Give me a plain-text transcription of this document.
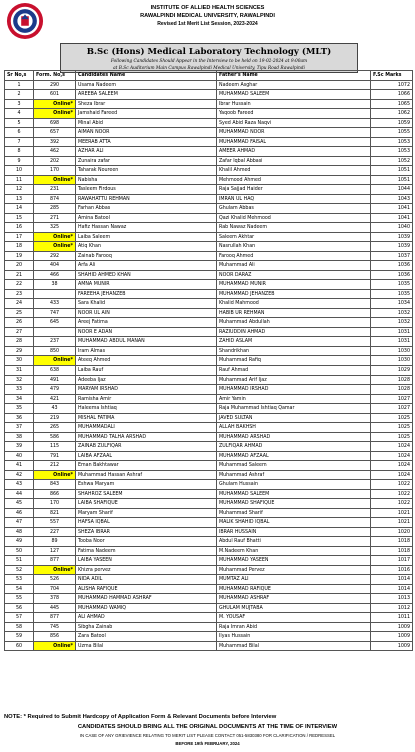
INSTITUTE OF ALLIED HEALTH SCIENCES
RAWALPINDI MEDICAL UNIVERSITY, RAWALPINDI
Revised 1st Merit List Session, 2023-2024
B.Sc (Hons) Medical Laboratory Technology (MLT)
Following Candidates Should Appear in the Interview to be held on 19-02-2024 at 9:00am
at B.Sc Auditorium Main Campus Rawalpindi Medical University, Tipu Road Rawalpindi
Sr No,s	Form. No,s	Candidates Name	Father's Name	F.Sc Marks
1	290	Usama Nadeem	Nadeem Asghar	1072
2	601	AREEBA SALEEM	MUHAMMAD SALEEM	1066
3	Online*	Sheza Ibrar	Ibrar Hussain	1065
4	Online*	Jamshaid Fareed	Yaqoob Fareed	1062
5	698	Minal Abid	Syed Abid Raza Naqvi	1059
6	657	AIMAN NOOR	MUHAMMAD NOOR	1055
7	392	MEERAB ATTA	MUHAMMAD FAISAL	1053
8	462	AZHAR ALI	AMEER AHMAD	1053
9	202	Zunaira zafar	Zafar Iqbal Abbasi	1052
10	170	Taharak Noureen	Khalil Ahmed	1051
11	Online*	Nabisha	Mehmood Ahmed	1051
12	231	Tasleem Firdous	Raja Sajjad Haider	1044
13	874	RAWAHATTU REHMAN	IMRAN UL HAQ	1043
14	285	Farhan Abbas	Ghulam Abbas	1041
15	271	Amina Batool	Qazi Khalid Mehmood	1041
16	325	Hafiz Hassan Nawaz	Rab Nawaz Nadeem	1040
17	Online*	Laiba Saleem	Saleem Akhtar	1039
18	Online*	Atiq Khan	Nasrullah Khan	1039
19	292	Zainab Farooq	Farooq Ahmed	1037
20	404	Arfa Ali	Muhammad Ali	1036
21	466	SHAHID AHMED KHAN	NOOR DARAZ	1036
22	38	AMNA MUNIR	MUHAMMAD MUNIR	1035
23		FAREEHA JEHANZEB	MUHAMMAD JEHANZEB	1035
24	433	Sara Khalid	Khalid Mahmood	1034
25	747	NOOR UL AIN	HABIB UR REHMAN	1032
26	645	Areej Fatima	Muhammad Abdullah	1032
27		NOOR E ADAN	RAZIUDDIN AHMAD	1031
28	237	MUHAMMAD ABDUL MANAN	ZAHID ASLAM	1031
29	850	Iram Almas	Shandrikhan	1030
30	Online*	Ateeq Ahmed	Muhammad Rafiq	1030
31	638	Laiba Rauf	Rauf Ahmad	1029
32	491	Adeeba Ijaz	Muhammad Arif Ijaz	1028
33	479	MARYAM IRSHAD	MUHAMMAD IRSHAD	1028
34	421	Ramisha Amir	Amir Yamin	1027
35	43	Haleema Ishtiaq	Raja Muhammad Ishtiaq Qamar	1027
36	219	MISHAL FATIMA	JAVED SULTAN	1025
37	265	MUHAMMADALI	ALLAH BAKHSH	1025
38	586	MUHAMMAD TALHA ARSHAD	MUHAMMAD ARSHAD	1025
39	115	ZAINAB ZULFIQAR	ZULFIQAR AHMAD	1024
40	791	LAIBA AFZAAL	MUHAMMAD AFZAAL	1024
41	212	Eman Bakhtawar	Muhammad Saleem	1024
42	Online*	Muhammad Hassan Ashraf	Muhammad Ashraf	1024
43	843	Eshwa Maryam	Ghulam Hussain	1022
44	866	SHAHROZ SALEEM	MUHAMMAD SALEEM	1022
45	170	LAIBA SHAFIQUE	MUHAMMAD SHAFIQUE	1022
46	821	Maryam Sharif	Muhammad Sharif	1021
47	557	HAFSA IQBAL	MALIK SHAHID IQBAL	1021
48	227	SHEZA IBRAR	IBRAR HUSSAIN	1020
49	89	Tooba Noor	Abdul Rauf Bhatti	1018
50	127	Fatima Nadeem	M.Nadeem Khan	1018
51	877	LAIBA YASEEN	MUHAMMAD YASEEN	1017
52	Online*	Khizra pervez	Muhammad Pervez	1016
53	526	NIDA ADIL	MUMTAZ ALI	1014
54	704	ALISHA RAFIQUE	MUHAMMAD RAFIQUE	1014
55	378	MUHAMMAD HAMMAD ASHRAF	MUHAMMAD ASHRAF	1013
56	445	MUHAMMAD WAMIQ	GHULAM MUJTABA	1012
57	877	ALI AHMAD	M. YOUSAF	1011
58	745	Sibgha Zainab	Raja Imran Abid	1009
59	856	Zara Batool	Ilyas Hussain	1009
60	Online*	Uzma Bilal	Muhammad Bilal	1009
NOTE: * Required to Submit Hardcopy of Application Form & Relevant Documents before Interview
CANDIDATES SHOULD BRING ALL THE ORIGINAL DOCUMENTS AT THE TIME OF INTERVIEW
IN CASE OF ANY GRIEVIENCE RELATING TO MERIT LIST PLEASE CONTACT 051-5830380 FOR CLARIFICATION / REDRESSEL
BEFORE 19th FEBRUARY, 2024
